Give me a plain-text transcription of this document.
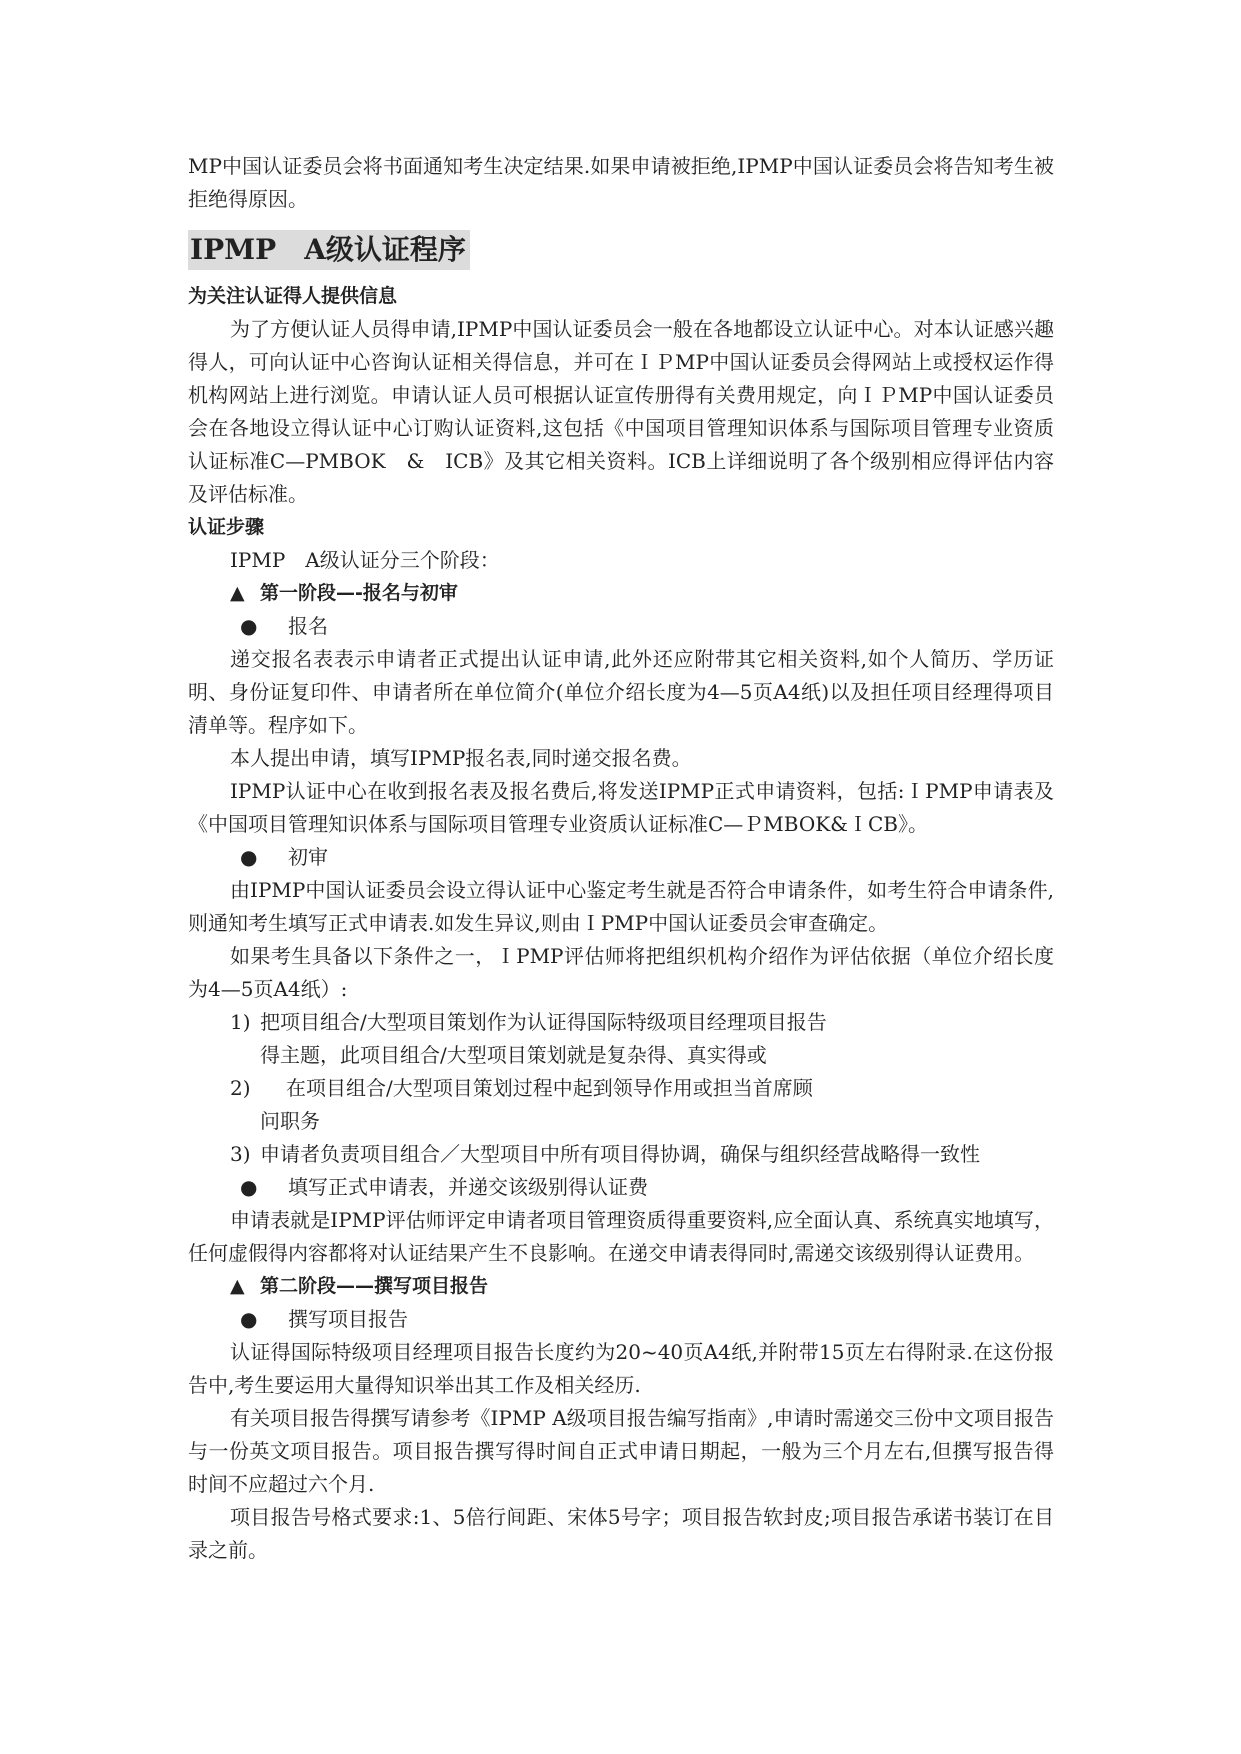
MP中国认证委员会将书面通知考生决定结果.如果申请被拒绝,IPMP中国认证委员会将告知考生被拒绝得原因。

IPMP　A级认证程序
为关注认证得人提供信息

为了方便认证人员得申请,IPMP中国认证委员会一般在各地都设立认证中心。对本认证感兴趣得人，可向认证中心咨询认证相关得信息，并可在ＩＰMP中国认证委员会得网站上或授权运作得机构网站上进行浏览。申请认证人员可根据认证宣传册得有关费用规定，向ＩＰMP中国认证委员会在各地设立得认证中心订购认证资料,这包括《中国项目管理知识体系与国际项目管理专业资质认证标准C—PMBOK　&　ICB》及其它相关资料。ICB上详细说明了各个级别相应得评估内容及评估标准。

认证步骤

IPMP　A级认证分三个阶段：

▲ 第一阶段—-报名与初审
● 报名

递交报名表表示申请者正式提出认证申请,此外还应附带其它相关资料,如个人简历、学历证明、身份证复印件、申请者所在单位简介(单位介绍长度为4—5页A4纸)以及担任项目经理得项目清单等。程序如下。

本人提出申请，填写IPMP报名表,同时递交报名费。

IPMP认证中心在收到报名表及报名费后,将发送IPMP正式申请资料，包括:ＩPMP申请表及《中国项目管理知识体系与国际项目管理专业资质认证标准C—ＰMBOK&ＩCB》。

● 初审

由IPMP中国认证委员会设立得认证中心鉴定考生就是否符合申请条件，如考生符合申请条件,则通知考生填写正式申请表.如发生异议,则由ＩPMP中国认证委员会审查确定。

如果考生具备以下条件之一，ＩPMP评估师将把组织机构介绍作为评估依据（单位介绍长度为4—5页A4纸）:

1) 把项目组合/大型项目策划作为认证得国际特级项目经理项目报告
得主题，此项目组合/大型项目策划就是复杂得、真实得或
2) 在项目组合/大型项目策划过程中起到领导作用或担当首席顾
问职务
3) 申请者负责项目组合／大型项目中所有项目得协调，确保与组织经营战略得一致性
● 填写正式申请表，并递交该级别得认证费

申请表就是IPMP评估师评定申请者项目管理资质得重要资料,应全面认真、系统真实地填写，任何虚假得内容都将对认证结果产生不良影响。在递交申请表得同时,需递交该级别得认证费用。

▲ 第二阶段——撰写项目报告
● 撰写项目报告

认证得国际特级项目经理项目报告长度约为20~40页A4纸,并附带15页左右得附录.在这份报告中,考生要运用大量得知识举出其工作及相关经历.

有关项目报告得撰写请参考《IPMP A级项目报告编写指南》,申请时需递交三份中文项目报告与一份英文项目报告。项目报告撰写得时间自正式申请日期起，一般为三个月左右,但撰写报告得时间不应超过六个月.

项目报告号格式要求:1、5倍行间距、宋体5号字；项目报告软封皮;项目报告承诺书装订在目录之前。
